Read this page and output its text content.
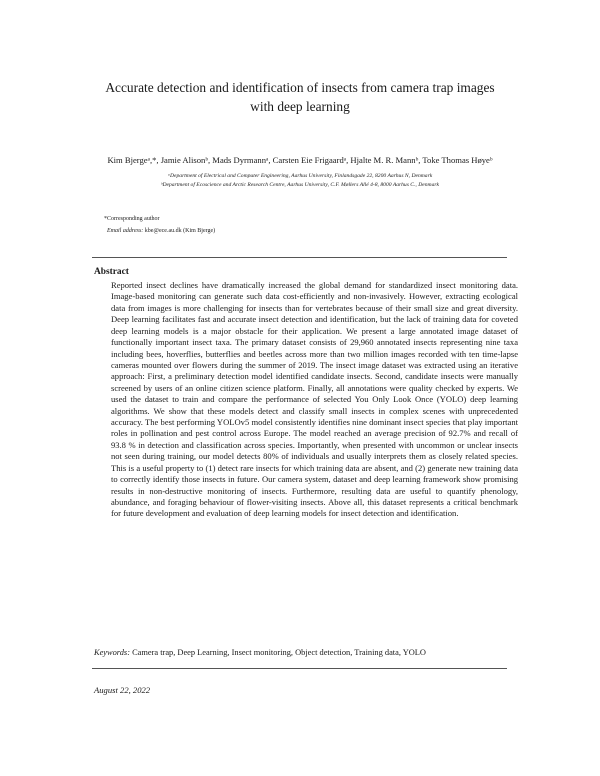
Accurate detection and identification of insects from camera trap images
with deep learning
Kim Bjergeᵃ,*, Jamie Alisonᵇ, Mads Dyrmannᵃ, Carsten Eie Frigaardᵃ, Hjalte M. R. Mannᵇ, Toke Thomas Høyeᵇ
ᵃDepartment of Electrical and Computer Engineering, Aarhus University, Finlandsgade 22, 8200 Aarhus N, Denmark
ᵇDepartment of Ecoscience and Arctic Research Centre, Aarhus University, C.F. Møllers Allé 4-8, 8000 Aarhus C., Denmark
*Corresponding author
Email address: kbe@ece.au.dk (Kim Bjerge)
Abstract
Reported insect declines have dramatically increased the global demand for standardized insect monitoring data. Image-based monitoring can generate such data cost-efficiently and non-invasively. However, extracting ecological data from images is more challenging for insects than for vertebrates because of their small size and great diversity. Deep learning facilitates fast and accurate insect detection and identification, but the lack of training data for coveted deep learning models is a major obstacle for their application. We present a large annotated image dataset of functionally important insect taxa. The primary dataset consists of 29,960 annotated insects representing nine taxa including bees, hoverflies, butterflies and beetles across more than two million images recorded with ten time-lapse cameras mounted over flowers during the summer of 2019. The insect image dataset was extracted using an iterative approach: First, a preliminary detection model identified candidate insects. Second, candidate insects were manually screened by users of an online citizen science platform. Finally, all annotations were quality checked by experts. We used the dataset to train and compare the performance of selected You Only Look Once (YOLO) deep learning algorithms. We show that these models detect and classify small insects in complex scenes with unprecedented accuracy. The best performing YOLOv5 model consistently identifies nine dominant insect species that play important roles in pollination and pest control across Europe. The model reached an average precision of 92.7% and recall of 93.8 % in detection and classification across species. Importantly, when presented with uncommon or unclear insects not seen during training, our model detects 80% of individuals and usually interprets them as closely related species. This is a useful property to (1) detect rare insects for which training data are absent, and (2) generate new training data to correctly identify those insects in future. Our camera system, dataset and deep learning framework show promising results in non-destructive monitoring of insects. Furthermore, resulting data are useful to quantify phenology, abundance, and foraging behaviour of flower-visiting insects. Above all, this dataset represents a critical benchmark for future development and evaluation of deep learning models for insect detection and identification.
Keywords: Camera trap, Deep Learning, Insect monitoring, Object detection, Training data, YOLO
August 22, 2022
